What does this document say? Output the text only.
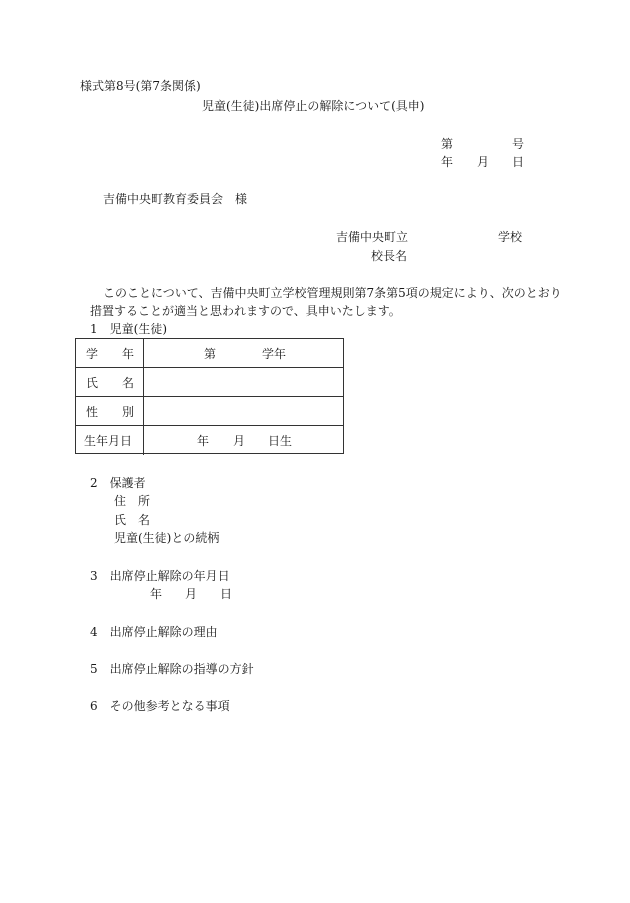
様式第8号(第7条関係)
児童(生徒)出席停止の解除について(具申)
第	号
年 月 日
吉備中央町教育委員会　様
吉備中央町立	学校
校長名
このことについて、吉備中央町立学校管理規則第7条第5項の規定により、次のとおり
措置することが適当と思われますので、具申いたします。
1　児童(生徒)
学　　年	第	学年
氏　　名
性　　別
生年月日	年 月 日生
2　保護者
住　所
氏　名
児童(生徒)との続柄
3　出席停止解除の年月日
年 月 日
4　出席停止解除の理由
5　出席停止解除の指導の方針
6　その他参考となる事項
